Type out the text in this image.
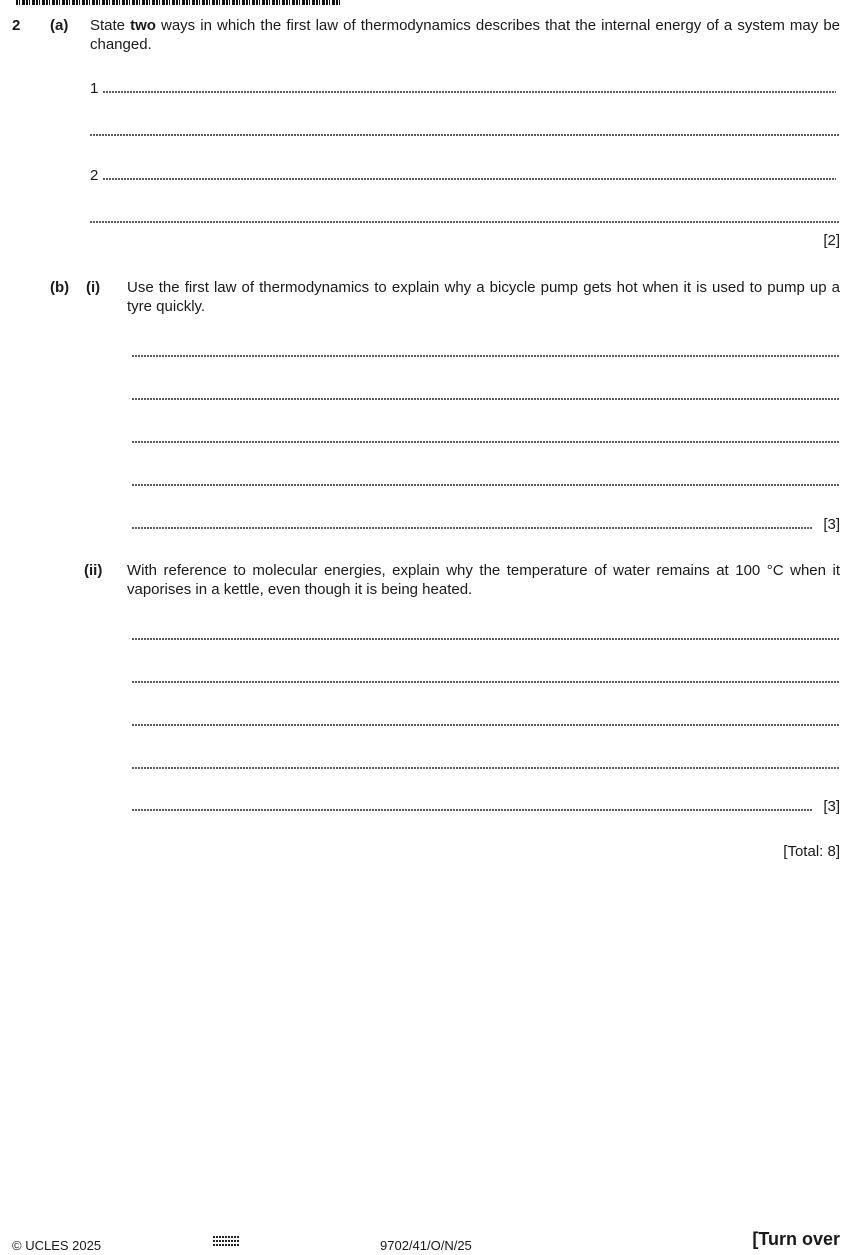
2 (a) State two ways in which the first law of thermodynamics describes that the internal energy of a system may be changed.
1
2
[2]
(b) (i) Use the first law of thermodynamics to explain why a bicycle pump gets hot when it is used to pump up a tyre quickly.
[3]
(ii) With reference to molecular energies, explain why the temperature of water remains at 100 °C when it vaporises in a kettle, even though it is being heated.
[3]
[Total: 8]
© UCLES 2025	9702/41/O/N/25	[Turn over
